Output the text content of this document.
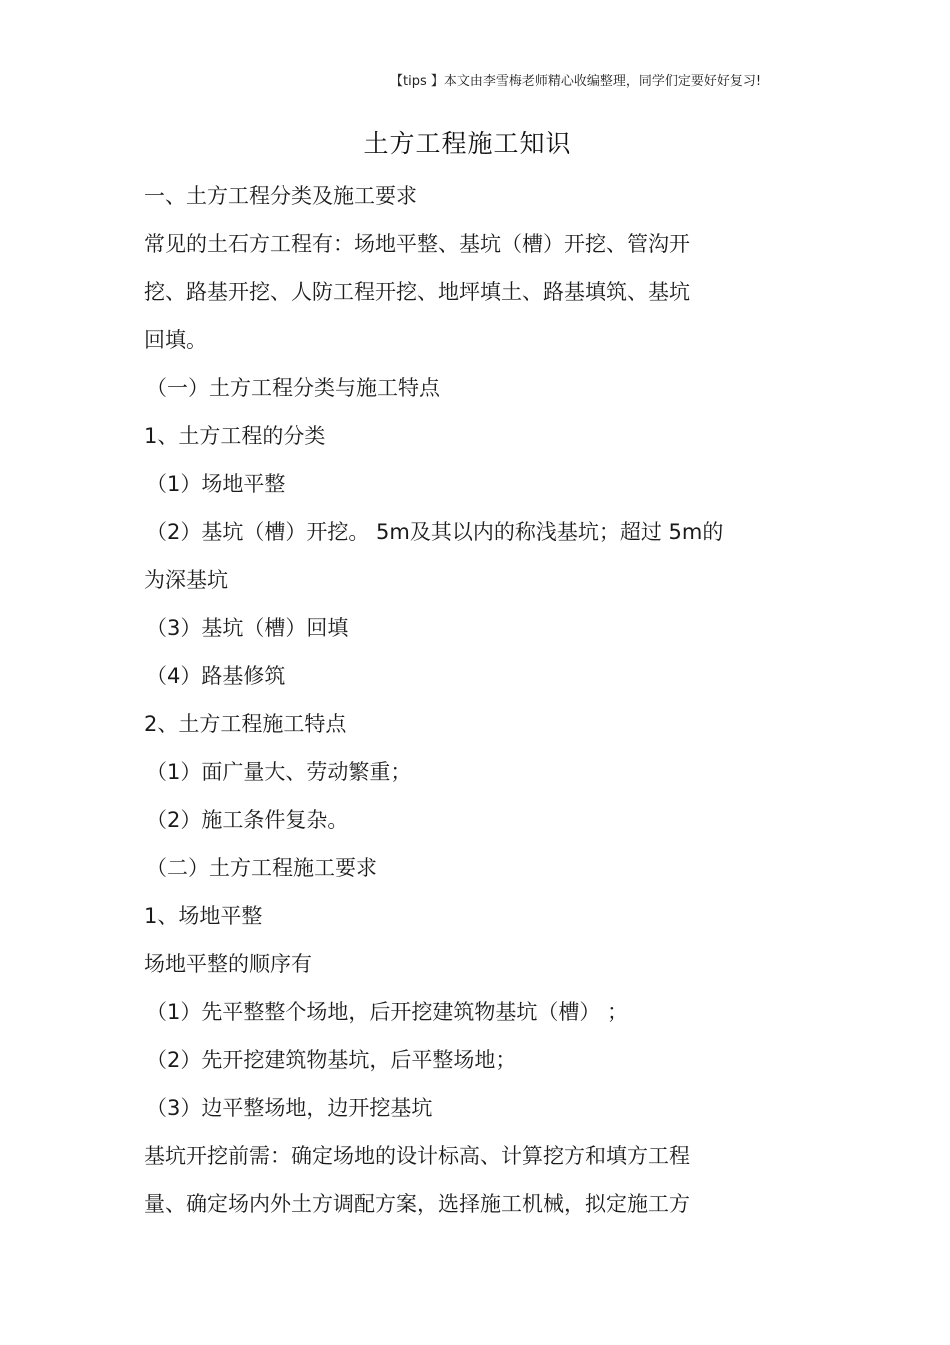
【tips 】本文由李雪梅老师精心收编整理，同学们定要好好复习!
土方工程施工知识
一、土方工程分类及施工要求
常见的土石方工程有：场地平整、基坑（槽）开挖、管沟开
挖、路基开挖、人防工程开挖、地坪填土、路基填筑、基坑
回填。
（一）土方工程分类与施工特点
1、土方工程的分类
（1）场地平整
（2）基坑（槽）开挖。 5m及其以内的称浅基坑；超过 5m的
为深基坑
（3）基坑（槽）回填
（4）路基修筑
2、土方工程施工特点
（1）面广量大、劳动繁重；
（2）施工条件复杂。
（二）土方工程施工要求
1、场地平整
场地平整的顺序有
（1）先平整整个场地，后开挖建筑物基坑（槽） ；
（2）先开挖建筑物基坑，后平整场地；
（3）边平整场地，边开挖基坑
基坑开挖前需：确定场地的设计标高、计算挖方和填方工程
量、确定场内外土方调配方案，选择施工机械，拟定施工方
